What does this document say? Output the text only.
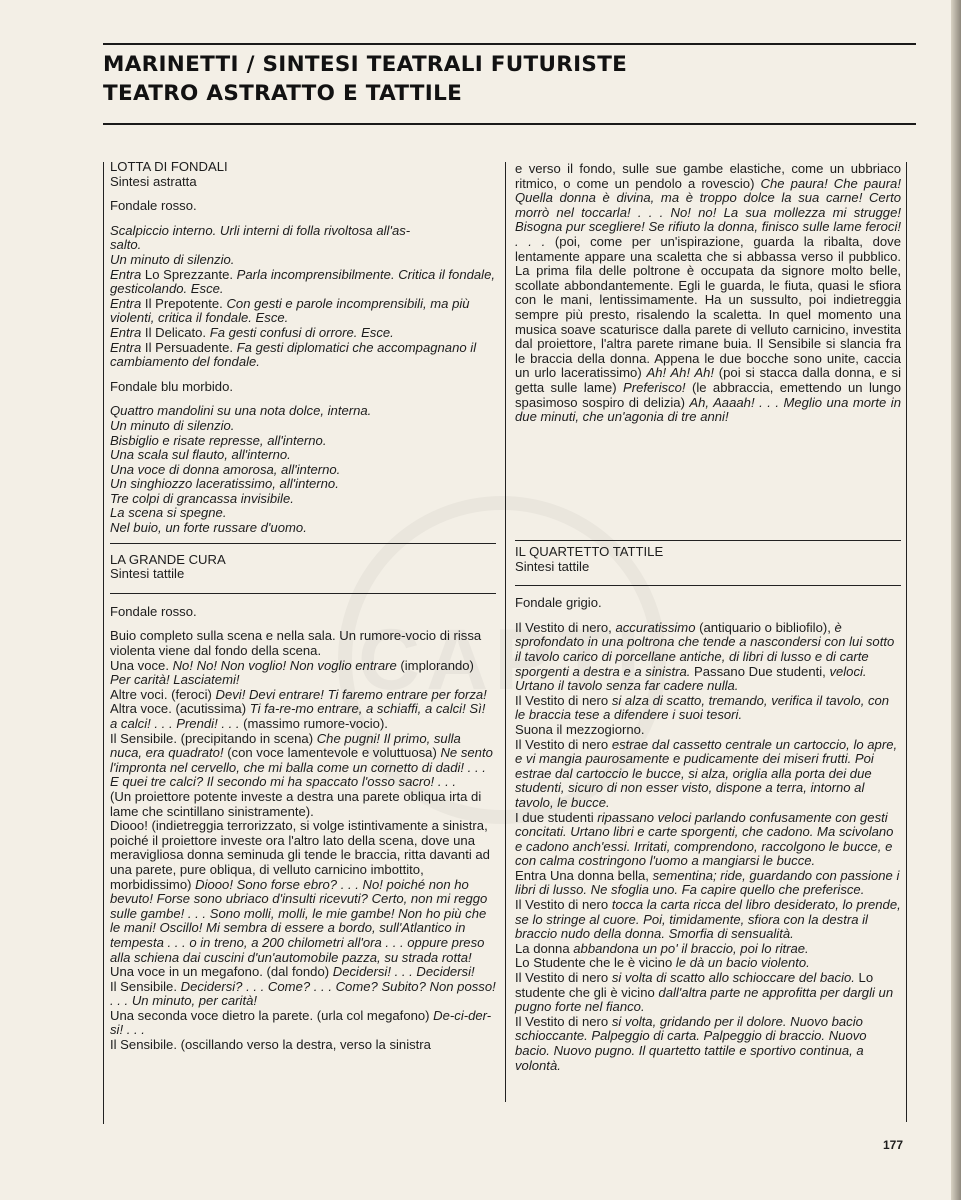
MARINETTI / SINTESI TEATRALI FUTURISTE
TEATRO ASTRATTO E TATTILE

LOTTA DI FONDALI

Sintesi astratta

Fondale rosso.

Scalpiccio interno. Urli interni di folla rivoltosa all'as-

salto.

Un minuto di silenzio.

Entra Lo Sprezzante. Parla incomprensibilmente. Critica il fondale, gesticolando. Esce.

Entra Il Prepotente. Con gesti e parole incomprensibili, ma più violenti, critica il fondale. Esce.

Entra Il Delicato. Fa gesti confusi di orrore. Esce.

Entra Il Persuadente. Fa gesti diplomatici che accompagnano il cambiamento del fondale.

Fondale blu morbido.

Quattro mandolini su una nota dolce, interna.

Un minuto di silenzio.

Bisbiglio e risate represse, all'interno.

Una scala sul flauto, all'interno.

Una voce di donna amorosa, all'interno.

Un singhiozzo laceratissimo, all'interno.

Tre colpi di grancassa invisibile.

La scena si spegne.

Nel buio, un forte russare d'uomo.

LA GRANDE CURA

Sintesi tattile

Fondale rosso.

Buio completo sulla scena e nella sala. Un rumore-vocio di rissa violenta viene dal fondo della scena.

Una voce. No! No! Non voglio! Non voglio entrare (implorando) Per carità! Lasciatemi!

Altre voci. (feroci) Devi! Devi entrare! Ti faremo entrare per forza!

Altra voce. (acutissima) Ti fa-re-mo entrare, a schiaffi, a calci! Sì! a calci! . . . Prendi! . . . (massimo rumore-vocio).

Il Sensibile. (precipitando in scena) Che pugni! Il primo, sulla nuca, era quadrato! (con voce lamentevole e voluttuosa) Ne sento l'impronta nel cervello, che mi balla come un cornetto di dadi! . . . E quei tre calci? Il secondo mi ha spaccato l'osso sacro! . . .

(Un proiettore potente investe a destra una parete obliqua irta di lame che scintillano sinistramente).

Diooo! (indietreggia terrorizzato, si volge istintivamente a sinistra, poiché il proiettore investe ora l'altro lato della scena, dove una meravigliosa donna seminuda gli tende le braccia, ritta davanti ad una parete, pure obliqua, di velluto carnicino imbottito, morbidissimo) Diooo! Sono forse ebro? . . . No! poiché non ho bevuto! Forse sono ubriaco d'insulti ricevuti? Certo, non mi reggo sulle gambe! . . . Sono molli, molli, le mie gambe! Non ho più che le mani! Oscillo! Mi sembra di essere a bordo, sull'Atlantico in tempesta . . . o in treno, a 200 chilometri all'ora . . . oppure preso alla schiena dai cuscini d'un'automobile pazza, su strada rotta!

Una voce in un megafono. (dal fondo) Decidersi! . . . Decidersi!

Il Sensibile. Decidersi? . . . Come? . . . Come? Subito? Non posso! . . . Un minuto, per carità!

Una seconda voce dietro la parete. (urla col megafono) De-ci-der-si! . . .

Il Sensibile. (oscillando verso la destra, verso la sinistra

e verso il fondo, sulle sue gambe elastiche, come un ubbriaco ritmico, o come un pendolo a rovescio) Che paura! Che paura! Quella donna è divina, ma è troppo dolce la sua carne! Certo morrò nel toccarla! . . . No! no! La sua mollezza mi strugge! Bisogna pur scegliere! Se rifiuto la donna, finisco sulle lame feroci! . . . (poi, come per un'ispirazione, guarda la ribalta, dove lentamente appare una scaletta che si abbassa verso il pubblico. La prima fila delle poltrone è occupata da signore molto belle, scollate abbondantemente. Egli le guarda, le fiuta, quasi le sfiora con le mani, lentissimamente. Ha un sussulto, poi indietreggia sempre più presto, risalendo la scaletta. In quel momento una musica soave scaturisce dalla parete di velluto carnicino, investita dal proiettore, l'altra parete rimane buia. Il Sensibile si slancia fra le braccia della donna. Appena le due bocche sono unite, caccia un urlo laceratissimo) Ah! Ah! Ah! (poi si stacca dalla donna, e si getta sulle lame) Preferisco! (le abbraccia, emettendo un lungo spasimoso sospiro di delizia) Ah, Aaaah! . . . Meglio una morte in due minuti, che un'agonia di tre anni!

IL QUARTETTO TATTILE

Sintesi tattile

Fondale grigio.

Il Vestito di nero, accuratissimo (antiquario o bibliofilo), è sprofondato in una poltrona che tende a nascondersi con lui sotto il tavolo carico di porcellane antiche, di libri di lusso e di carte sporgenti a destra e a sinistra. Passano Due studenti, veloci. Urtano il tavolo senza far cadere nulla.

Il Vestito di nero si alza di scatto, tremando, verifica il tavolo, con le braccia tese a difendere i suoi tesori.

Suona il mezzogiorno.

Il Vestito di nero estrae dal cassetto centrale un cartoccio, lo apre, e vi mangia paurosamente e pudicamente dei miseri frutti. Poi estrae dal cartoccio le bucce, si alza, origlia alla porta dei due studenti, sicuro di non esser visto, dispone a terra, intorno al tavolo, le bucce.

I due studenti ripassano veloci parlando confusamente con gesti concitati. Urtano libri e carte sporgenti, che cadono. Ma scivolano e cadono anch'essi. Irritati, comprendono, raccolgono le bucce, e con calma costringono l'uomo a mangiarsi le bucce.

Entra Una donna bella, sementina; ride, guardando con passione i libri di lusso. Ne sfoglia uno. Fa capire quello che preferisce.

Il Vestito di nero tocca la carta ricca del libro desiderato, lo prende, se lo stringe al cuore. Poi, timidamente, sfiora con la destra il braccio nudo della donna. Smorfia di sensualità.

La donna abbandona un po' il braccio, poi lo ritrae.

Lo Studente che le è vicino le dà un bacio violento.

Il Vestito di nero si volta di scatto allo schioccare del bacio. Lo studente che gli è vicino dall'altra parte ne approfitta per dargli un pugno forte nel fianco.

Il Vestito di nero si volta, gridando per il dolore. Nuovo bacio schioccante. Palpeggio di carta. Palpeggio di braccio. Nuovo bacio. Nuovo pugno. Il quartetto tattile e sportivo continua, a volontà.

177
